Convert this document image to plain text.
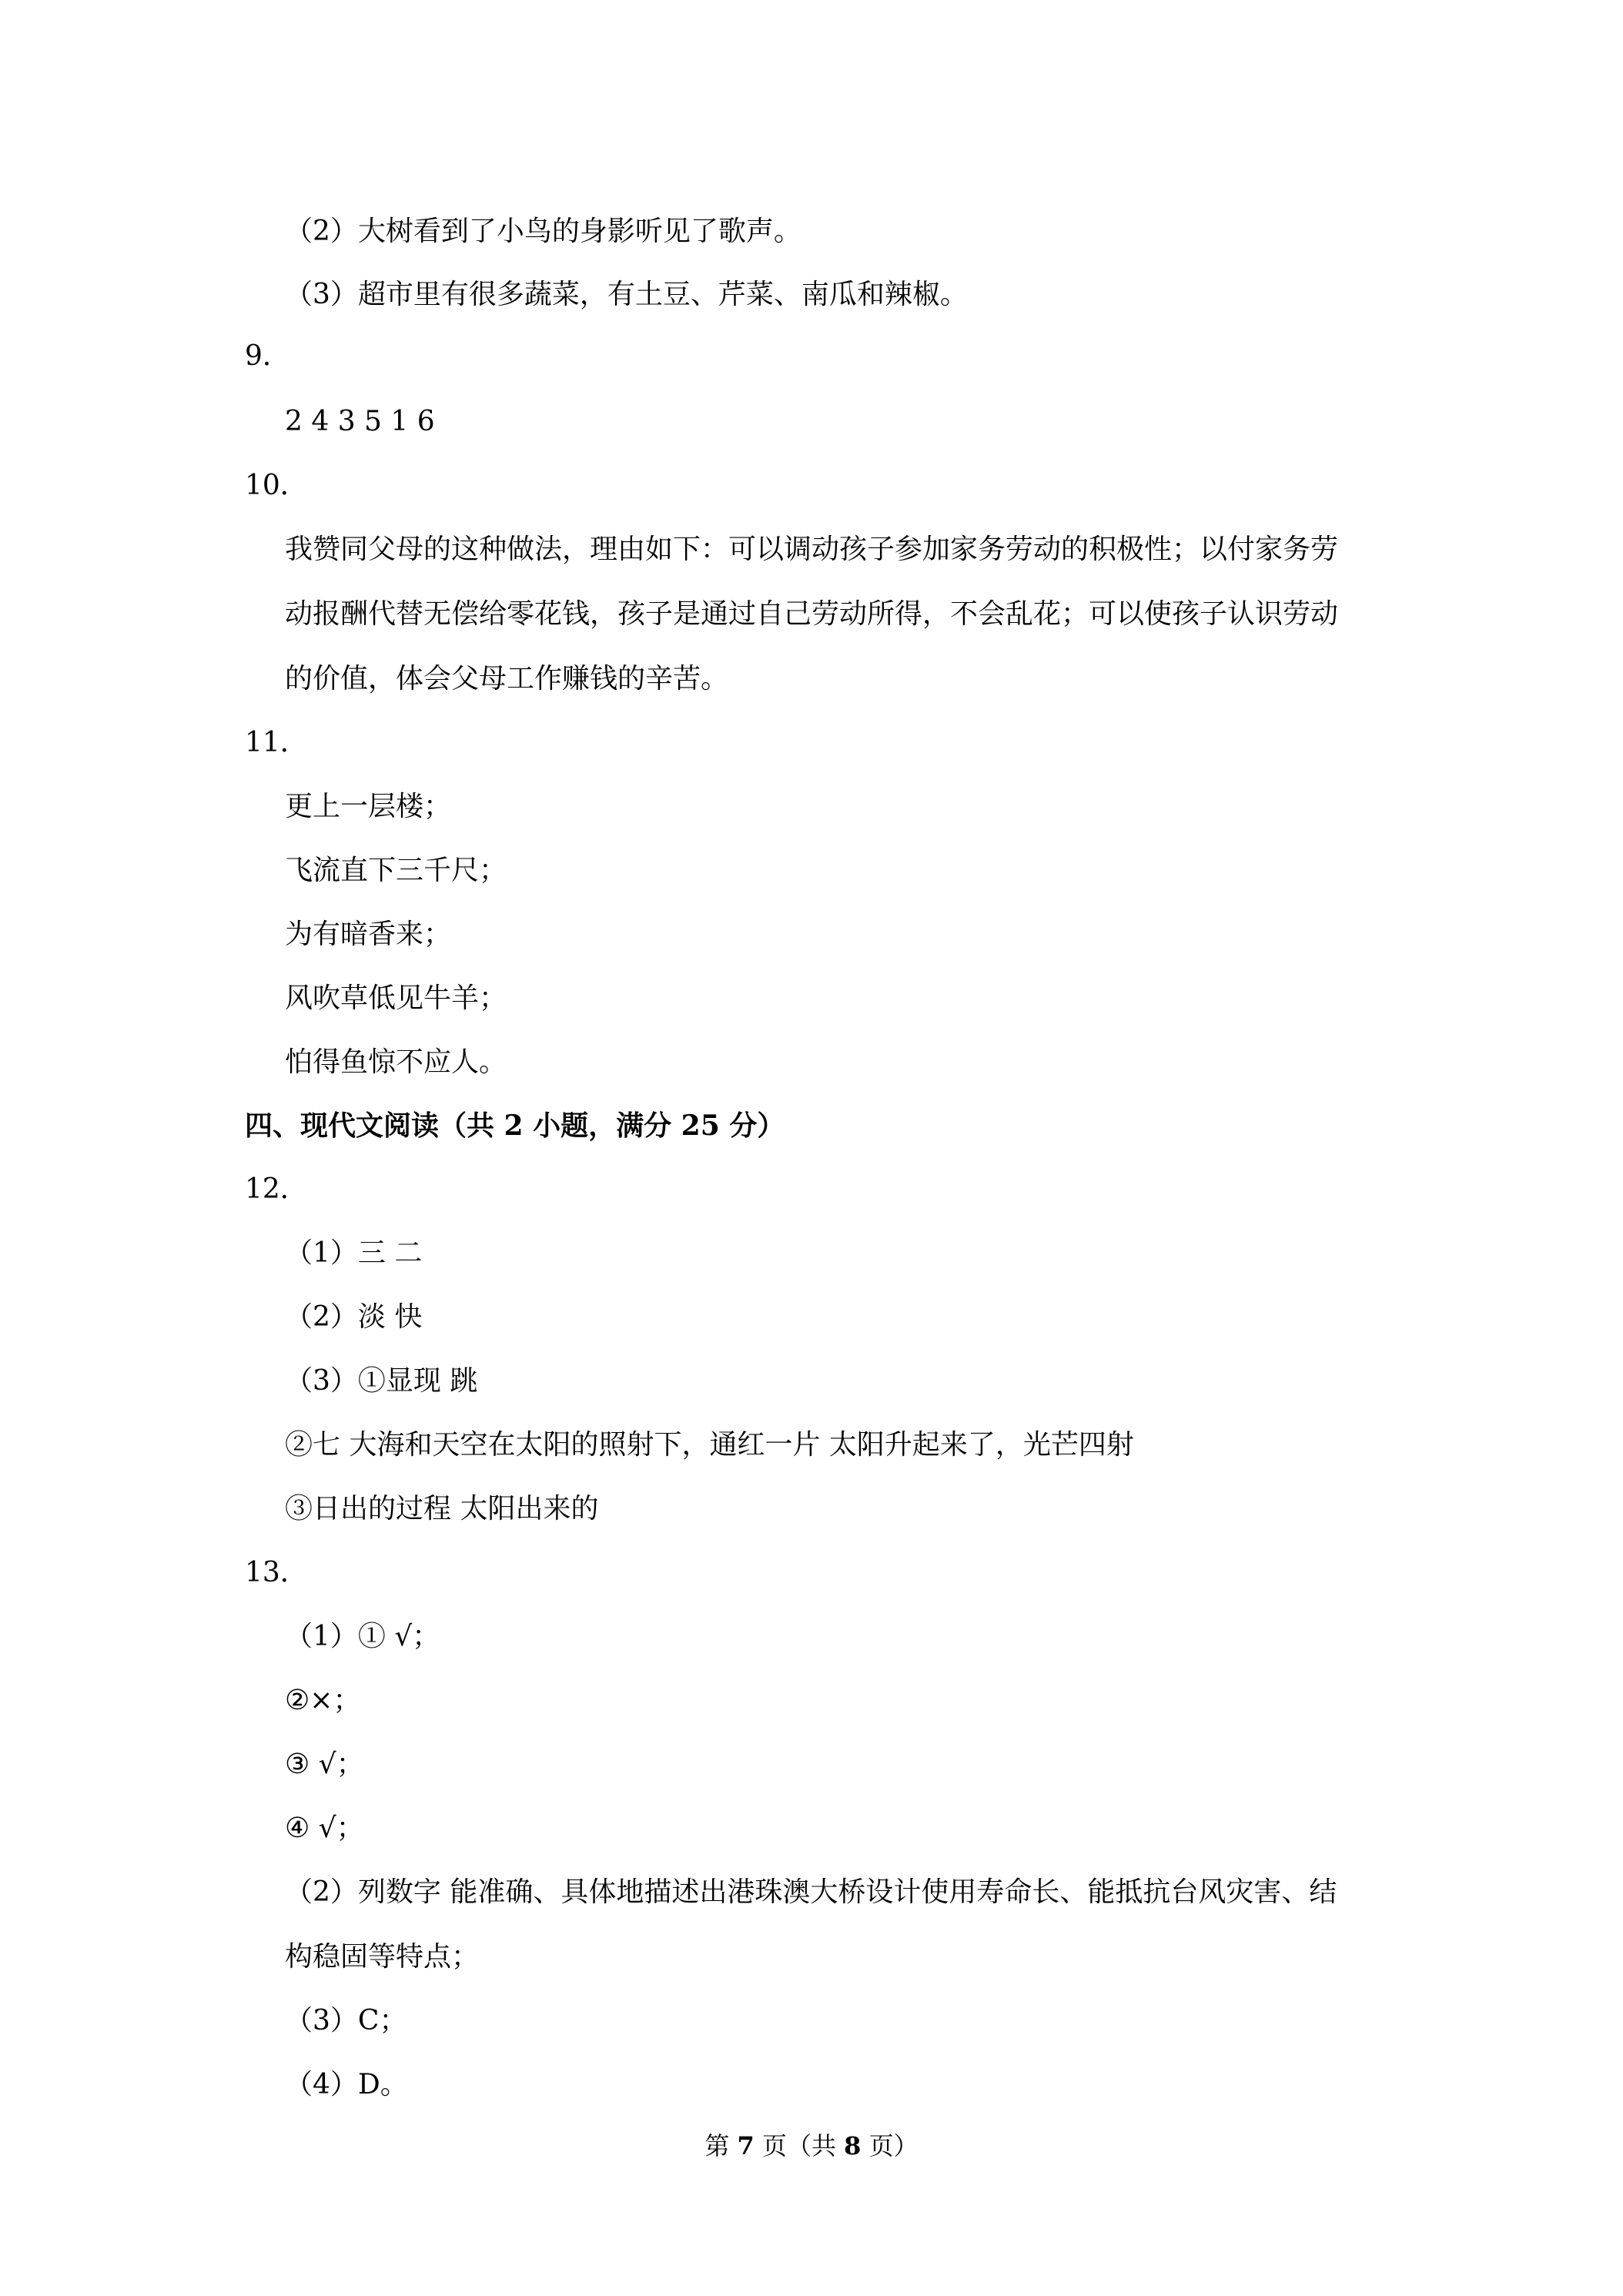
（2）大树看到了小鸟的身影听见了歌声。
（3）超市里有很多蔬菜，有土豆、芹菜、南瓜和辣椒。
9．
2 4 3 5 1 6
10．
我赞同父母的这种做法，理由如下：可以调动孩子参加家务劳动的积极性；以付家务劳
动报酬代替无偿给零花钱，孩子是通过自己劳动所得，不会乱花；可以使孩子认识劳动
的价值，体会父母工作赚钱的辛苦。
11．
更上一层楼；
飞流直下三千尺；
为有暗香来；
风吹草低见牛羊；
怕得鱼惊不应人。
四、现代文阅读（共 2 小题，满分 25 分）
12．
（1）三 二
（2）淡 快
（3）①显现 跳
②七 大海和天空在太阳的照射下，通红一片 太阳升起来了，光芒四射
③日出的过程 太阳出来的
13．
（1）① √；
②×；
③ √；
④ √；
（2）列数字 能准确、具体地描述出港珠澳大桥设计使用寿命长、能抵抗台风灾害、结
构稳固等特点；
（3）C；
（4）D。
第 7 页（共 8 页）
